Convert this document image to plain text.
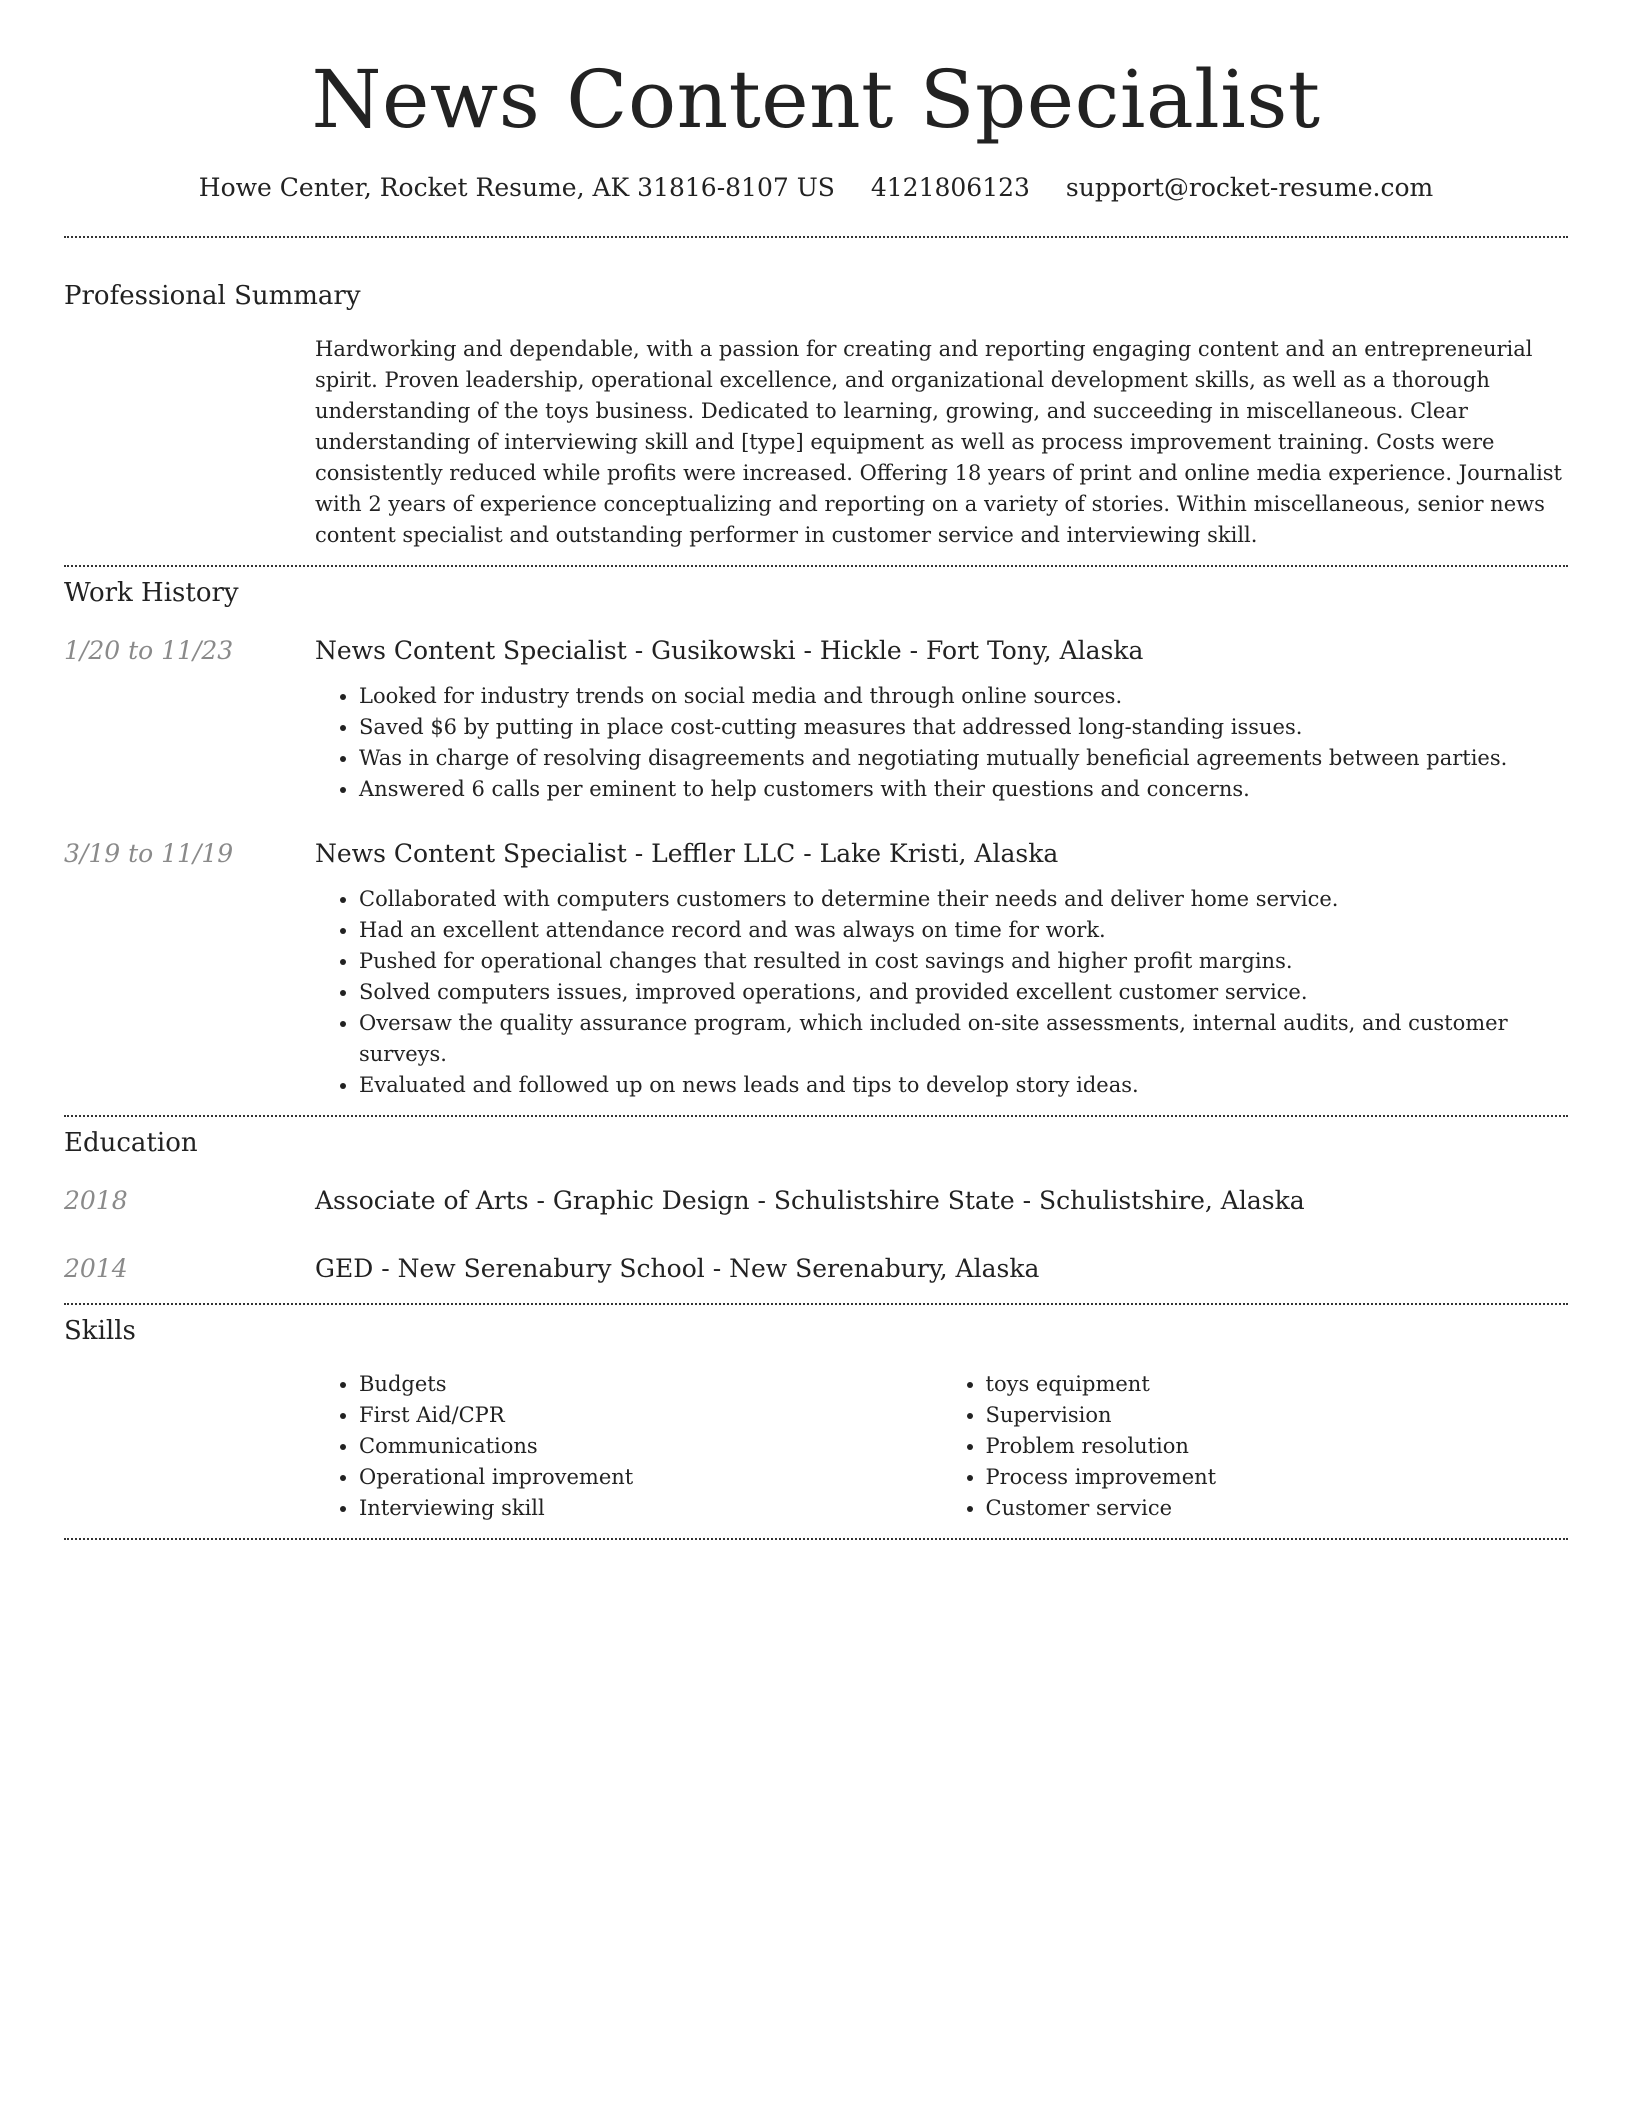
News Content Specialist
Howe Center, Rocket Resume, AK 31816-8107 US 4121806123 support@rocket-resume.com
Professional Summary

Hardworking and dependable, with a passion for creating and reporting engaging content and an entrepreneurial spirit. Proven leadership, operational excellence, and organizational development skills, as well as a thorough understanding of the toys business. Dedicated to learning, growing, and succeeding in miscellaneous. Clear understanding of interviewing skill and [type] equipment as well as process improvement training. Costs were consistently reduced while profits were increased. Offering 18 years of print and online media experience. Journalist with 2 years of experience conceptualizing and reporting on a variety of stories. Within miscellaneous, senior news content specialist and outstanding performer in customer service and interviewing skill.

Work History
1/20 to 11/23	News Content Specialist - Gusikowski - Hickle - Fort Tony, Alaska
• Looked for industry trends on social media and through online sources.
• Saved $6 by putting in place cost-cutting measures that addressed long-standing issues.
• Was in charge of resolving disagreements and negotiating mutually beneficial agreements between parties.
• Answered 6 calls per eminent to help customers with their questions and concerns.
3/19 to 11/19	News Content Specialist - Leffler LLC - Lake Kristi, Alaska
• Collaborated with computers customers to determine their needs and deliver home service.
• Had an excellent attendance record and was always on time for work.
• Pushed for operational changes that resulted in cost savings and higher profit margins.
• Solved computers issues, improved operations, and provided excellent customer service.
• Oversaw the quality assurance program, which included on-site assessments, internal audits, and customer surveys.
• Evaluated and followed up on news leads and tips to develop story ideas.
Education
2018	Associate of Arts - Graphic Design - Schulistshire State - Schulistshire, Alaska
2014	GED - New Serenabury School - New Serenabury, Alaska
Skills
• Budgets
• First Aid/CPR
• Communications
• Operational improvement
• Interviewing skill
• toys equipment
• Supervision
• Problem resolution
• Process improvement
• Customer service
